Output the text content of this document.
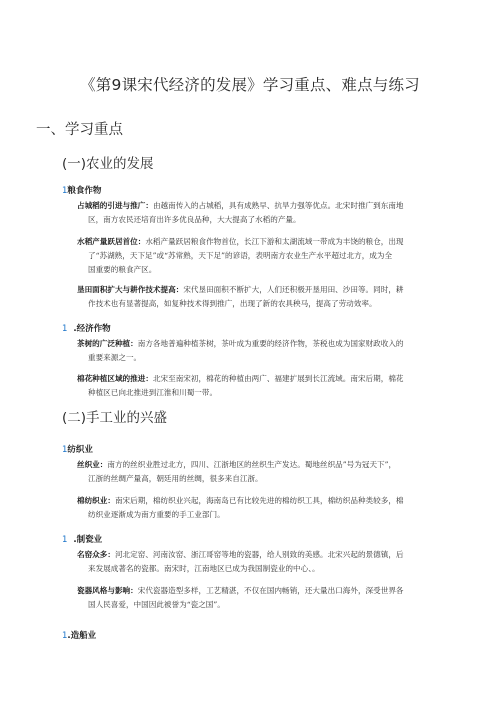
《第9课宋代经济的发展》学习重点、难点与练习
一、学习重点
(一)农业的发展
1粮食作物
占城稻的引进与推广：由越南传入的占城稻，具有成熟早、抗旱力强等优点。北宋时推广到东南地
区，南方农民还培育出许多优良品种，大大提高了水稻的产量。
水稻产量跃居首位：水稻产量跃居粮食作物首位，长江下游和太湖流域一带成为丰饶的粮仓，出现
了“苏湖熟，天下足”或“苏常熟，天下足”的谚语，表明南方农业生产水平超过北方，成为全
国重要的粮食产区。
垦田面积扩大与耕作技术提高：宋代垦田面积不断扩大，人们还积极开垦用田、沙田等。同时，耕
作技术也有显著提高，如复种技术得到推广，出现了新的农具秧马，提高了劳动效率。
1 .经济作物
茶树的广泛种植：南方各地普遍种植茶树，茶叶成为重要的经济作物，茶税也成为国家财政收入的
重要来源之一。
棉花种植区域的推进：北宋至南宋初，棉花的种植由两广、福建扩展到长江流域。南宋后期，棉花
种植区已向北推进到江淮和川蜀一带。
(二)手工业的兴盛
1纺织业
丝织业：南方的丝织业胜过北方，四川、江浙地区的丝织生产发达。蜀地丝织品”号为冠天下”，
江浙的丝绸产量高，朝廷用的丝绸，很多来自江浙。
棉纺织业：南宋后期，棉纺织业兴起，海南岛已有比较先进的棉纺织工具，棉纺织品种类较多，棉
纺织业逐渐成为南方重要的手工业部门。
1 .制瓷业
名窑众多：河北定窑、河南汝窑、浙江哥窑等地的瓷器，给人别致的美感。北宋兴起的景德镇，后
来发展成著名的瓷都。南宋时，江南地区已成为我国制瓷业的中心、。
瓷器风格与影响：宋代瓷器造型多样，工艺精湛，不仅在国内畅销，还大量出口海外，深受世界各
国人民喜爱，中国因此被誉为“瓷之国”。
1.造船业
